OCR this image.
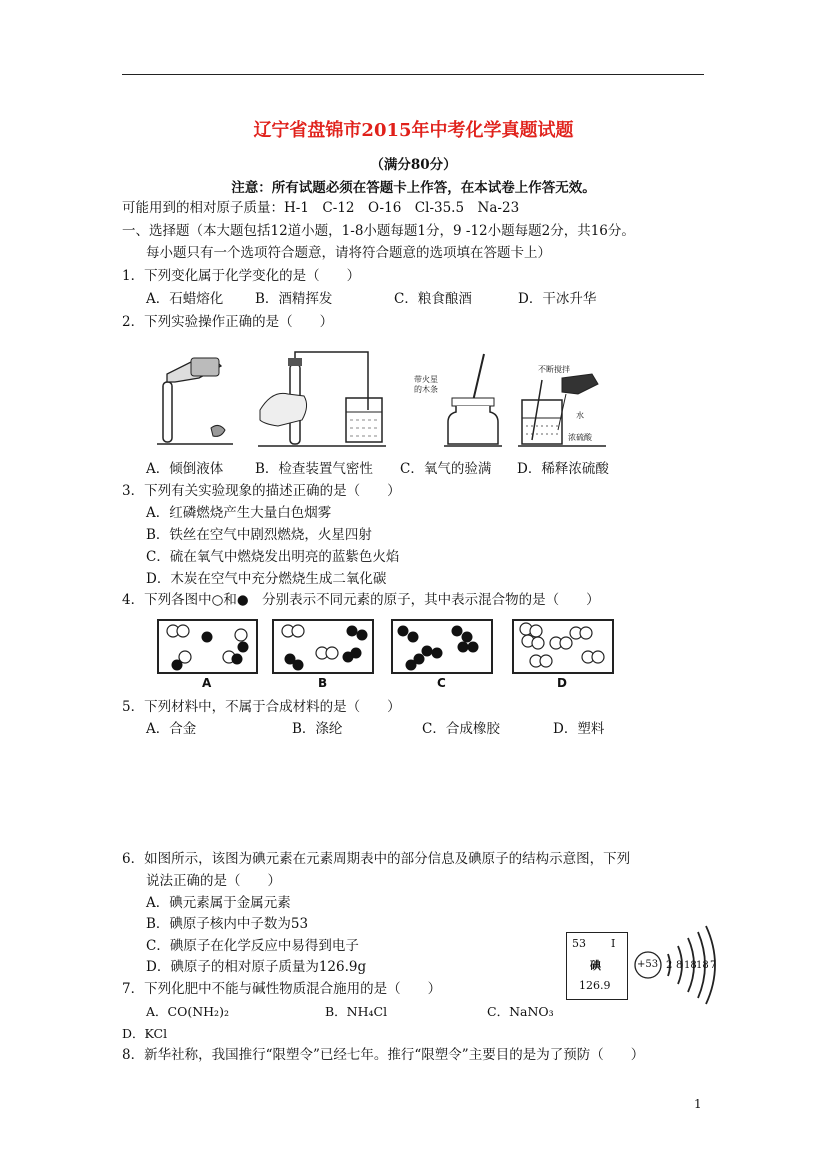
辽宁省盘锦市2015年中考化学真题试题
（满分80分）
注意：所有试题必须在答题卡上作答，在本试卷上作答无效。
可能用到的相对原子质量：H-1　C-12　O-16　Cl-35.5　Na-23
一、选择题（本大题包括12道小题，1-8小题每题1分，9 -12小题每题2分，共16分。
每小题只有一个选项符合题意，请将符合题意的选项填在答题卡上）
1．下列变化属于化学变化的是（　　）
A．石蜡熔化 B．酒精挥发	C．粮食酿酒	D．干冰升华
2．下列实验操作正确的是（　　）
带火星
的木条
不断搅拌
水
浓硫酸
A．倾倒液体 B．检查装置气密性 C．氧气的验满 D．稀释浓硫酸
3．下列有关实验现象的描述正确的是（　　）
A．红磷燃烧产生大量白色烟雾
B．铁丝在空气中剧烈燃烧，火星四射
C．硫在氧气中燃烧发出明亮的蓝紫色火焰
D．木炭在空气中充分燃烧生成二氧化碳
4．下列各图中○和●　分别表示不同元素的原子，其中表示混合物的是（　　）
A	B	C	D
5．下列材料中，不属于合成材料的是（　　）
A．合金	B．涤纶	C．合成橡胶	D．塑料
6．如图所示，该图为碘元素在元素周期表中的部分信息及碘原子的结构示意图，下列
说法正确的是（　　）
A．碘元素属于金属元素
B．碘原子核内中子数为53
C．碘原子在化学反应中易得到电子
D．碘原子的相对原子质量为126.9g
53 I
碘
126.9
+53 2 8 18 18 7
7．下列化肥中不能与碱性物质混合施用的是（　　）
A．CO(NH₂)₂	B．NH₄Cl	C．NaNO₃
D．KCl
8．新华社称，我国推行“限塑令”已经七年。推行“限塑令”主要目的是为了预防（　　）
1
